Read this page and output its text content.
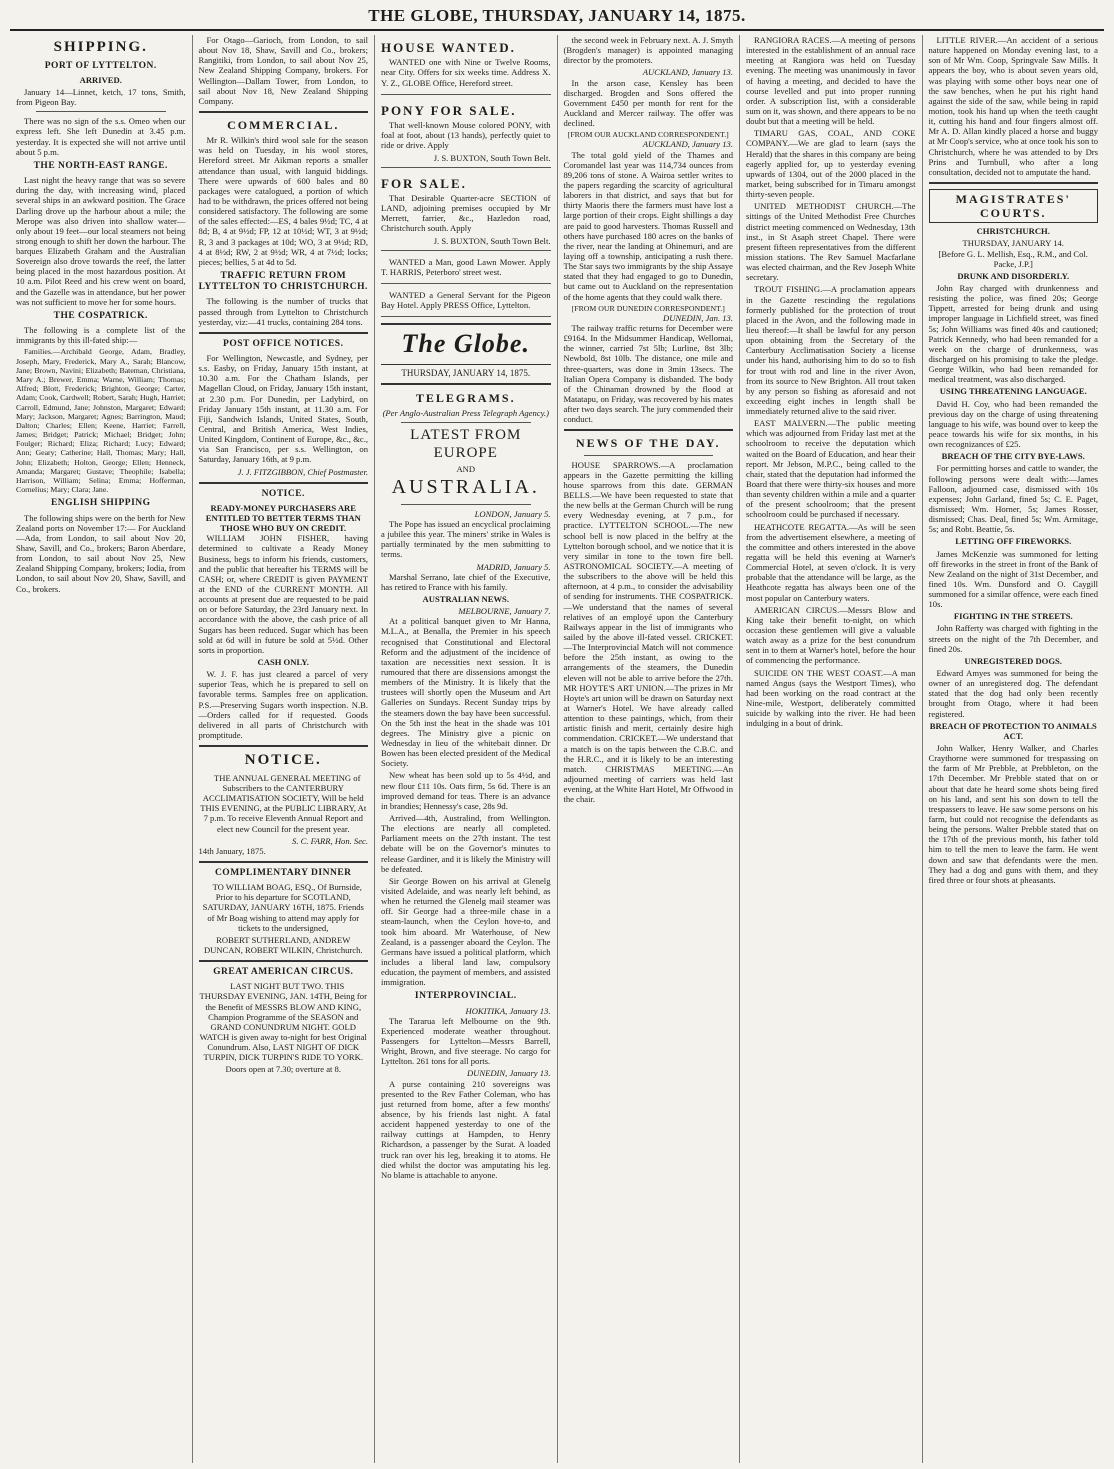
THE GLOBE, THURSDAY, JANUARY 14, 1875.
SHIPPING.
PORT OF LYTTELTON.
ARRIVED.

January 14—Linnet, ketch, 17 tons, Smith, from Pigeon Bay.

There was no sign of the s.s. Omeo when our express left. She left Dunedin at 3.45 p.m. yesterday. It is expected she will not arrive until about 5 p.m.

THE NORTH-EAST RANGE.

Last night the heavy range that was so severe during the day, with increasing wind, placed several ships in an awkward position. The Grace Darling drove up the harbour about a mile; the Merope was also driven into shallow water—only about 19 feet—our local steamers not being strong enough to shift her down the harbour. The barques Elizabeth Graham and the Australian Sovereign also drove towards the reef, the latter being placed in the most hazardous position. At 10 a.m. Pilot Reed and his crew went on board, and the Gazelle was in attendance, but her power was not sufficient to move her for some hours.

THE COSPATRICK.

The following is a complete list of the immigrants by this ill-fated ship:—

Families.—Archibald George, Adam, Bradley, Joseph, Mary, Frederick, Mary A., Sarah; Blancow, Jane; Brown, Navini; Elizabeth; Bateman, Christiana, Mary A.; Brewer, Emma; Warne, William; Thomas; Alfred; Blott, Frederick; Brighton, George; Carter, Adam; Cook, Cardwell; Robert, Sarah; Hugh, Harriet; Carroll, Edmund, Jane; Johnston, Margaret; Edward; Mary; Jackson, Margaret; Agnes; Barrington, Maud; Dalton; Charles; Ellen; Keene, Harriet; Farrell, James; Bridget; Patrick; Michael; Bridget; John; Foulger; Richard; Eliza; Richard; Lucy; Edward; Ann; Geary; Catherine; Hall, Thomas; Mary; Hall, John; Elizabeth; Holton, George; Ellen; Henneck, Amanda; Margaret; Gustave; Theophile; Isabella; Harrison, William; Selina; Emma; Hofferman, Cornelius; Mary; Clara; Jane.

ENGLISH SHIPPING

The following ships were on the berth for New Zealand ports on November 17:— For Auckland—Ada, from London, to sail about Nov 20, Shaw, Savill, and Co., brokers; Baron Aberdare, from London, to sail about Nov 25, New Zealand Shipping Company, brokers; Iodia, from London, to sail about Nov 20, Shaw, Savill, and Co., brokers.

For Otago—Garioch, from London, to sail about Nov 18, Shaw, Savill and Co., brokers; Rangitiki, from London, to sail about Nov 25, New Zealand Shipping Company, brokers. For Wellington—Dallam Tower, from London, to sail about Nov 18, New Zealand Shipping Company.

COMMERCIAL.

Mr R. Wilkin's third wool sale for the season was held on Tuesday, in his wool stores, Hereford street. Mr Aikman reports a smaller attendance than usual, with languid biddings. There were upwards of 600 bales and 80 packages were catalogued, a portion of which had to be withdrawn, the prices offered not being considered satisfactory. The following are some of the sales effected:—ES, 4 bales 9½d; TC, 4 at 8d; B, 4 at 9½d; FP, 12 at 10½d; WT, 3 at 9½d; R, 3 and 3 packages at 10d; WO, 3 at 9½d; RD, 4 at 8½d; RW, 2 at 9½d; WR, 4 at 7½d; locks; pieces; bellies, 5 at 4d to 5d.

TRAFFIC RETURN FROM LYTTELTON TO CHRISTCHURCH.

The following is the number of trucks that passed through from Lyttelton to Christchurch yesterday, viz:—41 trucks, containing 284 tons.

POST OFFICE NOTICES.

For Wellington, Newcastle, and Sydney, per s.s. Easby, on Friday, January 15th instant, at 10.30 a.m. For the Chatham Islands, per Magellan Cloud, on Friday, January 15th instant, at 2.30 p.m. For Dunedin, per Ladybird, on Friday January 15th instant, at 11.30 a.m. For Fiji, Sandwich Islands, United States, South, Central, and British America, West Indies, United Kingdom, Continent of Europe, &c., &c., via San Francisco, per s.s. Wellington, on Saturday, January 16th, at 9 p.m.

J. J. FITZGIBBON, Chief Postmaster.
NOTICE.
READY-MONEY PURCHASERS ARE ENTITLED TO BETTER TERMS THAN THOSE WHO BUY ON CREDIT.

WILLIAM JOHN FISHER, having determined to cultivate a Ready Money Business, begs to inform his friends, customers, and the public that hereafter his TERMS will be CASH; or, where CREDIT is given PAYMENT at the END of the CURRENT MONTH. All accounts at present due are requested to be paid on or before Saturday, the 23rd January next. In accordance with the above, the cash price of all Sugars has been reduced. Sugar which has been sold at 6d will in future be sold at 5½d. Other sorts in proportion.

CASH ONLY.

W. J. F. has just cleared a parcel of very superior Teas, which he is prepared to sell on favorable terms. Samples free on application. P.S.—Preserving Sugars worth inspection. N.B.—Orders called for if requested. Goods delivered in all parts of Christchurch with promptitude.

NOTICE.

THE ANNUAL GENERAL MEETING of Subscribers to the CANTERBURY ACCLIMATISATION SOCIETY, Will be held THIS EVENING, at the PUBLIC LIBRARY, At 7 p.m. To receive Eleventh Annual Report and elect new Council for the present year.

S. C. FARR, Hon. Sec.
14th January, 1875.
COMPLIMENTARY DINNER

TO WILLIAM BOAG, ESQ., Of Burnside, Prior to his departure for SCOTLAND, SATURDAY, JANUARY 16TH, 1875. Friends of Mr Boag wishing to attend may apply for tickets to the undersigned,

ROBERT SUTHERLAND, ANDREW DUNCAN, ROBERT WILKIN, Christchurch.
GREAT AMERICAN CIRCUS.

LAST NIGHT BUT TWO. THIS THURSDAY EVENING, JAN. 14TH, Being for the Benefit of MESSRS BLOW AND KING, Champion Programme of the SEASON and GRAND CONUNDRUM NIGHT. GOLD WATCH is given away to-night for best Original Conundrum. Also, LAST NIGHT OF DICK TURPIN, DICK TURPIN'S RIDE TO YORK.

Doors open at 7.30; overture at 8.
HOUSE WANTED.

WANTED one with Nine or Twelve Rooms, near City. Offers for six weeks time. Address X. Y. Z., GLOBE Office, Hereford street.

PONY FOR SALE.

That well-known Mouse colored PONY, with foal at foot, about (13 hands), perfectly quiet to ride or drive. Apply

J. S. BUXTON, South Town Belt.
FOR SALE.

That Desirable Quarter-acre SECTION of LAND, adjoining premises occupied by Mr Merrett, farrier, &c., Hazledon road, Christchurch south. Apply

J. S. BUXTON, South Town Belt.

WANTED a Man, good Lawn Mower. Apply T. HARRIS, Peterboro' street west.

WANTED a General Servant for the Pigeon Bay Hotel. Apply PRESS Office, Lyttelton.

The Globe.
THURSDAY, JANUARY 14, 1875.
TELEGRAMS.
(Per Anglo-Australian Press Telegraph Agency.)
LATEST FROM EUROPE
AND
AUSTRALIA.
LONDON, January 5.

The Pope has issued an encyclical proclaiming a jubilee this year. The miners' strike in Wales is partially terminated by the men submitting to terms.

MADRID, January 5.

Marshal Serrano, late chief of the Executive, has retired to France with his family.

AUSTRALIAN NEWS.
MELBOURNE, January 7.

At a political banquet given to Mr Hanna, M.L.A., at Benalla, the Premier in his speech recognised that Constitutional and Electoral Reform and the adjustment of the incidence of taxation are necessities next session. It is rumoured that there are dissensions amongst the members of the Ministry. It is likely that the trustees will shortly open the Museum and Art Galleries on Sundays. Recent Sunday trips by the steamers down the bay have been successful. On the 5th inst the heat in the shade was 101 degrees. The Ministry give a picnic on Wednesday in lieu of the whitebait dinner. Dr Bowen has been elected president of the Medical Society.

New wheat has been sold up to 5s 4½d, and new flour £11 10s. Oats firm, 5s 6d. There is an improved demand for teas. There is an advance in brandies; Hennessy's case, 28s 9d.

Arrived—4th, Australind, from Wellington. The elections are nearly all completed. Parliament meets on the 27th instant. The test debate will be on the Governor's minutes to release Gardiner, and it is likely the Ministry will be defeated.

Sir George Bowen on his arrival at Glenelg visited Adelaide, and was nearly left behind, as when he returned the Glenelg mail steamer was off. Sir George had a three-mile chase in a steam-launch, when the Ceylon hove-to, and took him aboard. Mr Waterhouse, of New Zealand, is a passenger aboard the Ceylon. The Germans have issued a political platform, which includes a liberal land law, compulsory education, the payment of members, and assisted immigration.

INTERPROVINCIAL.
HOKITIKA, January 13.

The Tararua left Melbourne on the 9th. Experienced moderate weather throughout. Passengers for Lyttelton—Messrs Barrell, Wright, Brown, and five steerage. No cargo for Lyttelton. 261 tons for all ports.

DUNEDIN, January 13.

A purse containing 210 sovereigns was presented to the Rev Father Coleman, who has just returned from home, after a few months' absence, by his friends last night. A fatal accident happened yesterday to one of the railway cuttings at Hampden, to Henry Richardson, a passenger by the Surat. A loaded truck ran over his leg, breaking it to atoms. He died whilst the doctor was amputating his leg. No blame is attachable to anyone.

the second week in February next. A. J. Smyth (Brogden's manager) is appointed managing director by the promoters.

AUCKLAND, January 13.

In the arson case, Kensley has been discharged. Brogden and Sons offered the Government £450 per month for rent for the Auckland and Mercer railway. The offer was declined.

[FROM OUR AUCKLAND CORRESPONDENT.]
AUCKLAND, January 13.

The total gold yield of the Thames and Coromandel last year was 114,734 ounces from 89,206 tons of stone. A Wairoa settler writes to the papers regarding the scarcity of agricultural laborers in that district, and says that but for thirty Maoris there the farmers must have lost a large portion of their crops. Eight shillings a day are paid to good harvesters. Thomas Russell and others have purchased 180 acres on the banks of the river, near the landing at Ohinemuri, and are laying off a township, anticipating a rush there. The Star says two immigrants by the ship Assaye stated that they had engaged to go to Dunedin, but came out to Auckland on the representation of the home agents that they could walk there.

[FROM OUR DUNEDIN CORRESPONDENT.]
DUNEDIN, Jan. 13.

The railway traffic returns for December were £9164. In the Midsummer Handicap, Wellomai, the winner, carried 7st 5lb; Lurline, 8st 3lb; Newbold, 8st 10lb. The distance, one mile and three-quarters, was done in 3min 13secs. The Italian Opera Company is disbanded. The body of the Chinaman drowned by the flood at Matatapu, on Friday, was recovered by his mates after two days search. The jury commended their conduct.

NEWS OF THE DAY.

HOUSE SPARROWS.—A proclamation appears in the Gazette permitting the killing house sparrows from this date. GERMAN BELLS.—We have been requested to state that the new bells at the German Church will be rung every Wednesday evening, at 7 p.m., for practice. LYTTELTON SCHOOL.—The new school bell is now placed in the belfry at the Lyttelton borough school, and we notice that it is very similar in tone to the town fire bell. ASTRONOMICAL SOCIETY.—A meeting of the subscribers to the above will be held this afternoon, at 4 p.m., to consider the advisability of sending for instruments. THE COSPATRICK.—We understand that the names of several relatives of an employé upon the Canterbury Railways appear in the list of immigrants who sailed by the above ill-fated vessel. CRICKET.—The Interprovincial Match will not commence before the 25th instant, as owing to the arrangements of the steamers, the Dunedin eleven will not be able to arrive before the 27th. MR HOYTE'S ART UNION.—The prizes in Mr Hoyte's art union will be drawn on Saturday next at Warner's Hotel. We have already called attention to these paintings, which, from their artistic finish and merit, certainly desire high commendation. CRICKET.—We understand that a match is on the tapis between the C.B.C. and the H.R.C., and it is likely to be an interesting match. CHRISTMAS MEETING.—An adjourned meeting of carriers was held last evening, at the White Hart Hotel, Mr Offwood in the chair.

RANGIORA RACES.—A meeting of persons interested in the establishment of an annual race meeting at Rangiora was held on Tuesday evening. The meeting was unanimously in favor of having a meeting, and decided to have the course levelled and put into proper running order. A subscription list, with a considerable sum on it, was shown, and there appears to be no doubt but that a meeting will be held.

TIMARU GAS, COAL, AND COKE COMPANY.—We are glad to learn (says the Herald) that the shares in this company are being eagerly applied for, up to yesterday evening upwards of 1304, out of the 2000 placed in the market, being subscribed for in Timaru amongst thirty-seven people.

UNITED METHODIST CHURCH.—The sittings of the United Methodist Free Churches district meeting commenced on Wednesday, 13th inst., in St Asaph street Chapel. There were present fifteen representatives from the different mission stations. The Rev Samuel Macfarlane was elected chairman, and the Rev Joseph White secretary.

TROUT FISHING.—A proclamation appears in the Gazette rescinding the regulations formerly published for the protection of trout placed in the Avon, and the following made in lieu thereof:—It shall be lawful for any person upon obtaining from the Secretary of the Canterbury Acclimatisation Society a license under his hand, authorising him to do so to fish for trout with rod and line in the river Avon, from its source to New Brighton. All trout taken by any person so fishing as aforesaid and not exceeding eight inches in length shall be immediately returned alive to the said river.

EAST MALVERN.—The public meeting which was adjourned from Friday last met at the schoolroom to receive the deputation which waited on the Board of Education, and hear their report. Mr Jebson, M.P.C., being called to the chair, stated that the deputation had informed the Board that there were thirty-six houses and more than seventy children within a mile and a quarter of the present schoolroom; that the present schoolroom could be purchased if necessary.

HEATHCOTE REGATTA.—As will be seen from the advertisement elsewhere, a meeting of the committee and others interested in the above regatta will be held this evening at Warner's Commercial Hotel, at seven o'clock. It is very probable that the attendance will be large, as the Heathcote regatta has always been one of the most popular on Canterbury waters.

AMERICAN CIRCUS.—Messrs Blow and King take their benefit to-night, on which occasion these gentlemen will give a valuable watch away as a prize for the best conundrum sent in to them at Warner's hotel, before the hour of commencing the performance.

SUICIDE ON THE WEST COAST.—A man named Angus (says the Westport Times), who had been working on the road contract at the Nine-mile, Westport, deliberately committed suicide by walking into the river. He had been indulging in a bout of drink.

LITTLE RIVER.—An accident of a serious nature happened on Monday evening last, to a son of Mr Wm. Coop, Springvale Saw Mills. It appears the boy, who is about seven years old, was playing with some other boys near one of the saw benches, when he put his right hand against the side of the saw, while being in rapid motion, took his hand up when the teeth caught it, cutting his hand and four fingers almost off. Mr A. D. Allan kindly placed a horse and buggy at Mr Coop's service, who at once took his son to Christchurch, where he was attended to by Drs Prins and Turnbull, who after a long consultation, decided not to amputate the hand.

MAGISTRATES' COURTS.
CHRISTCHURCH.
THURSDAY, JANUARY 14.
[Before G. L. Mellish, Esq., R.M., and Col. Packe, J.P.]
DRUNK AND DISORDERLY.

John Ray charged with drunkenness and resisting the police, was fined 20s; George Tippett, arrested for being drunk and using improper language in Lichfield street, was fined 5s; John Williams was fined 40s and cautioned; Patrick Kennedy, who had been remanded for a week on the charge of drunkenness, was discharged on his promising to take the pledge. George Wilkin, who had been remanded for medical treatment, was also discharged.

USING THREATENING LANGUAGE.

David H. Coy, who had been remanded the previous day on the charge of using threatening language to his wife, was bound over to keep the peace towards his wife for six months, in his own recognizances of £25.

BREACH OF THE CITY BYE-LAWS.

For permitting horses and cattle to wander, the following persons were dealt with:—James Falloon, adjourned case, dismissed with 10s expenses; John Garland, fined 5s; C. E. Paget, dismissed; Wm. Horner, 5s; James Rosser, dismissed; Chas. Deal, fined 5s; Wm. Armitage, 5s; and Robt. Beattie, 5s.

LETTING OFF FIREWORKS.

James McKenzie was summoned for letting off fireworks in the street in front of the Bank of New Zealand on the night of 31st December, and fined 10s. Wm. Dunsford and O. Caygill summoned for a similar offence, were each fined 10s.

FIGHTING IN THE STREETS.

John Rafferty was charged with fighting in the streets on the night of the 7th December, and fined 20s.

UNREGISTERED DOGS.

Edward Amyes was summoned for being the owner of an unregistered dog. The defendant stated that the dog had only been recently brought from Otago, where it had been registered.

BREACH OF PROTECTION TO ANIMALS ACT.

John Walker, Henry Walker, and Charles Craythorne were summoned for trespassing on the farm of Mr Prebble, at Prebbleton, on the 17th December. Mr Prebble stated that on or about that date he heard some shots being fired on his land, and sent his son down to tell the trespassers to leave. He saw some persons on his farm, but could not recognise the defendants as being the persons. Walter Prebble stated that on the 17th of the previous month, his father told him to tell the men to leave the farm. He went down and saw that defendants were the men. They had a dog and guns with them, and they fired three or four shots at pheasants.
